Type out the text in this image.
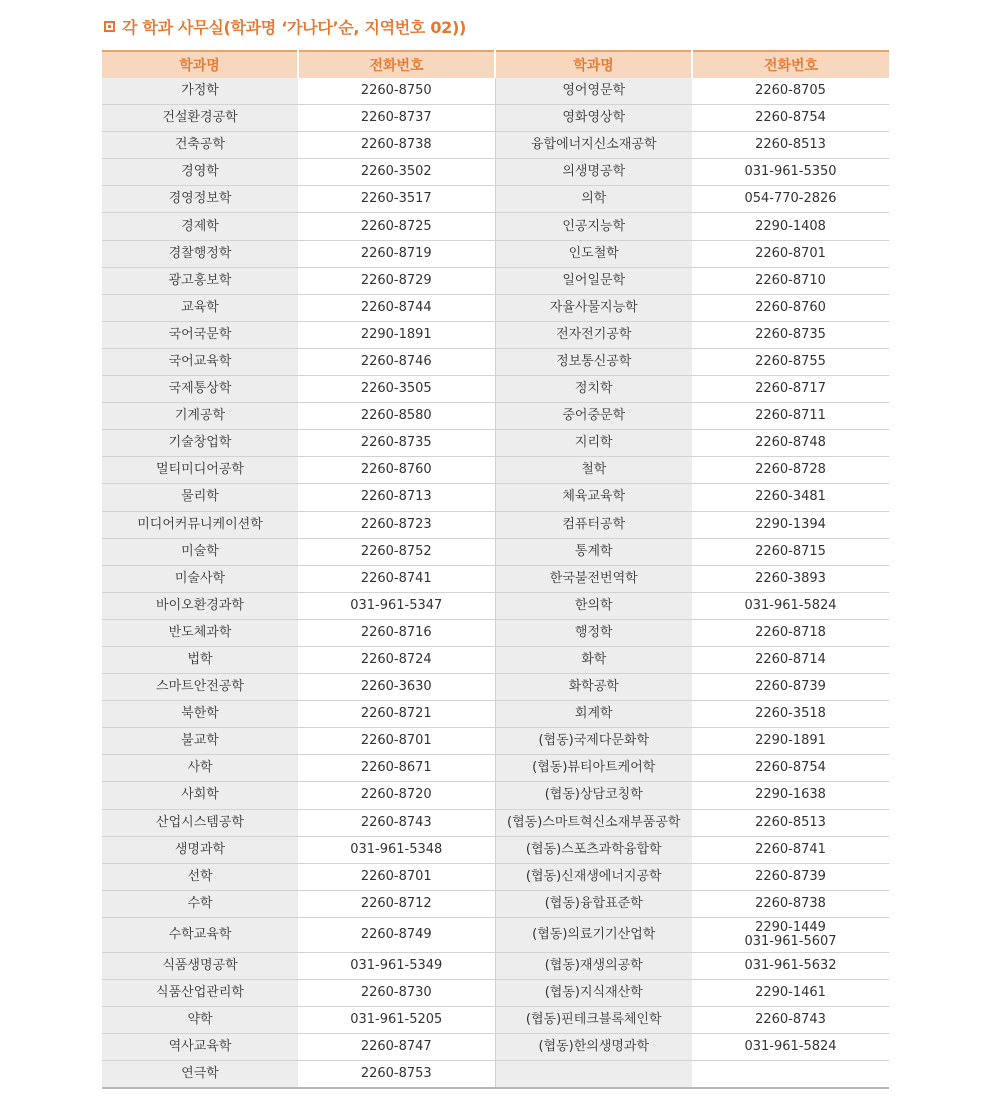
각 학과 사무실(학과명 ‘가나다’순, 지역번호 02))
학과명	전화번호	학과명	전화번호
가정학	2260-8750	영어영문학	2260-8705
건설환경공학	2260-8737	영화영상학	2260-8754
건축공학	2260-8738	융합에너지신소재공학	2260-8513
경영학	2260-3502	의생명공학	031-961-5350
경영정보학	2260-3517	의학	054-770-2826
경제학	2260-8725	인공지능학	2290-1408
경찰행정학	2260-8719	인도철학	2260-8701
광고홍보학	2260-8729	일어일문학	2260-8710
교육학	2260-8744	자율사물지능학	2260-8760
국어국문학	2290-1891	전자전기공학	2260-8735
국어교육학	2260-8746	정보통신공학	2260-8755
국제통상학	2260-3505	정치학	2260-8717
기계공학	2260-8580	중어중문학	2260-8711
기술창업학	2260-8735	지리학	2260-8748
멀티미디어공학	2260-8760	철학	2260-8728
물리학	2260-8713	체육교육학	2260-3481
미디어커뮤니케이션학	2260-8723	컴퓨터공학	2290-1394
미술학	2260-8752	통계학	2260-8715
미술사학	2260-8741	한국불전번역학	2260-3893
바이오환경과학	031-961-5347	한의학	031-961-5824
반도체과학	2260-8716	행정학	2260-8718
법학	2260-8724	화학	2260-8714
스마트안전공학	2260-3630	화학공학	2260-8739
북한학	2260-8721	회계학	2260-3518
불교학	2260-8701	(협동)국제다문화학	2290-1891
사학	2260-8671	(협동)뷰티아트케어학	2260-8754
사회학	2260-8720	(협동)상담코칭학	2290-1638
산업시스템공학	2260-8743	(협동)스마트혁신소재부품공학	2260-8513
생명과학	031-961-5348	(협동)스포츠과학융합학	2260-8741
선학	2260-8701	(협동)신재생에너지공학	2260-8739
수학	2260-8712	(협동)융합표준학	2260-8738
수학교육학	2260-8749	(협동)의료기기산업학	2290-1449
031-961-5607

식품생명공학	031-961-5349	(협동)재생의공학	031-961-5632
식품산업관리학	2260-8730	(협동)지식재산학	2290-1461
약학	031-961-5205	(협동)핀테크블록체인학	2260-8743
역사교육학	2260-8747	(협동)한의생명과학	031-961-5824
연극학	2260-8753		
